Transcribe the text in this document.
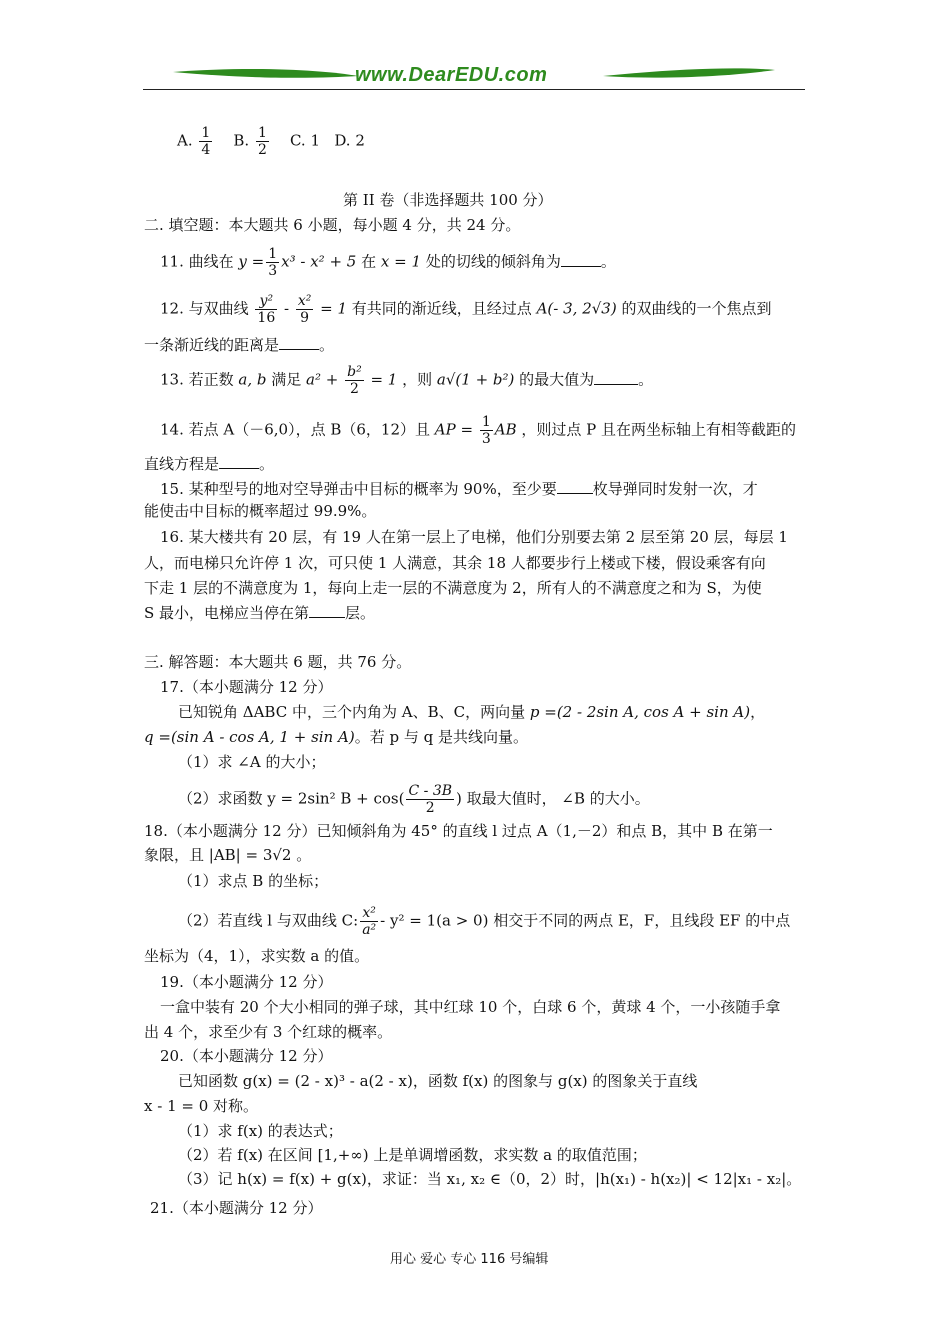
www.DearEDU.com
A. $\frac{1}{4} B$. $\frac{1}{2} C$. 1 D. 2
第 II 卷（非选择题共 100 分）
二. 填空题：本大题共 6 小题，每小题 4 分，共 24 分。
11. 曲线在 $y = \frac{1}{3} x^3 - x^2 + 5$ 在 x = 1 处的切线的倾斜角为	。
12. 与双曲线 $\frac{\text{y²}}{16} - \frac{\text{x²}}{9} = 1$ 有共同的渐近线，且经过点 A(- 3, 2√3) 的双曲线的一个焦点到
一条渐近线的距离是	。
13. 若正数 a, b 满足 $a^2 + \frac{\text{b²}}{2} = 1$ ，则 a√(1 + b²) 的最大值为	。
14. 若点 A（－6,0），点 B（6，12）且 AP = $\frac{1}{3}$ AB ，则过点 P 且在两坐标轴上有相等截距的
直线方程是	。
15. 某种型号的地对空导弹击中目标的概率为 90%，至少要 枚导弹同时发射一次，才
能使击中目标的概率超过 99.9%。
16. 某大楼共有 20 层，有 19 人在第一层上了电梯，他们分别要去第 2 层至第 20 层，每层 1
人，而电梯只允许停 1 次，可只使 1 人满意，其余 18 人都要步行上楼或下楼，假设乘客有向
下走 1 层的不满意度为 1，每向上走一层的不满意度为 2，所有人的不满意度之和为 S，为使
S 最小，电梯应当停在第 层。
三. 解答题：本大题共 6 题，共 76 分。
17.（本小题满分 12 分）
已知锐角 ΔABC 中，三个内角为 A、B、C，两向量 p =(2 - 2sin A, cos A + sin A)，
q =(sin A - cos A, 1 + sin A)。若 p 与 q 是共线向量。
（1）求 ∠A 的大小；
（2）求函数 y = 2sin² $B + \cos( \frac{C - 3B}{2}$ ) 取最大值时， ∠B 的大小。
18.（本小题满分 12 分）已知倾斜角为 45° 的直线 l 过点 A（1,－2）和点 B，其中 B 在第一
象限，且 |AB| = 3√2 。
（1）求点 B 的坐标；
（2）若直线 l 与双曲线 C: $\frac{\text{x²}}{\text{a²}} - y^2 = 1(a > 0)$ 相交于不同的两点 E，F，且线段 EF 的中点
坐标为（4，1），求实数 a 的值。
19.（本小题满分 12 分）
一盒中装有 20 个大小相同的弹子球，其中红球 10 个，白球 6 个，黄球 4 个，一小孩随手拿
出 4 个，求至少有 3 个红球的概率。
20.（本小题满分 12 分）
已知函数 g(x) = (2 - x)³ - a(2 - x)，函数 f(x) 的图象与 g(x) 的图象关于直线
x - 1 = 0 对称。
（1）求 f(x) 的表达式；
（2）若 f(x) 在区间 [1,+∞) 上是单调增函数，求实数 a 的取值范围；
（3）记 h(x) = f(x) + g(x)，求证：当 x₁, x₂ ∈（0，2）时，|h(x₁) - h(x₂)| < 12|x₁ - x₂|。
21.（本小题满分 12 分）
用心 爱心 专心 116 号编辑
